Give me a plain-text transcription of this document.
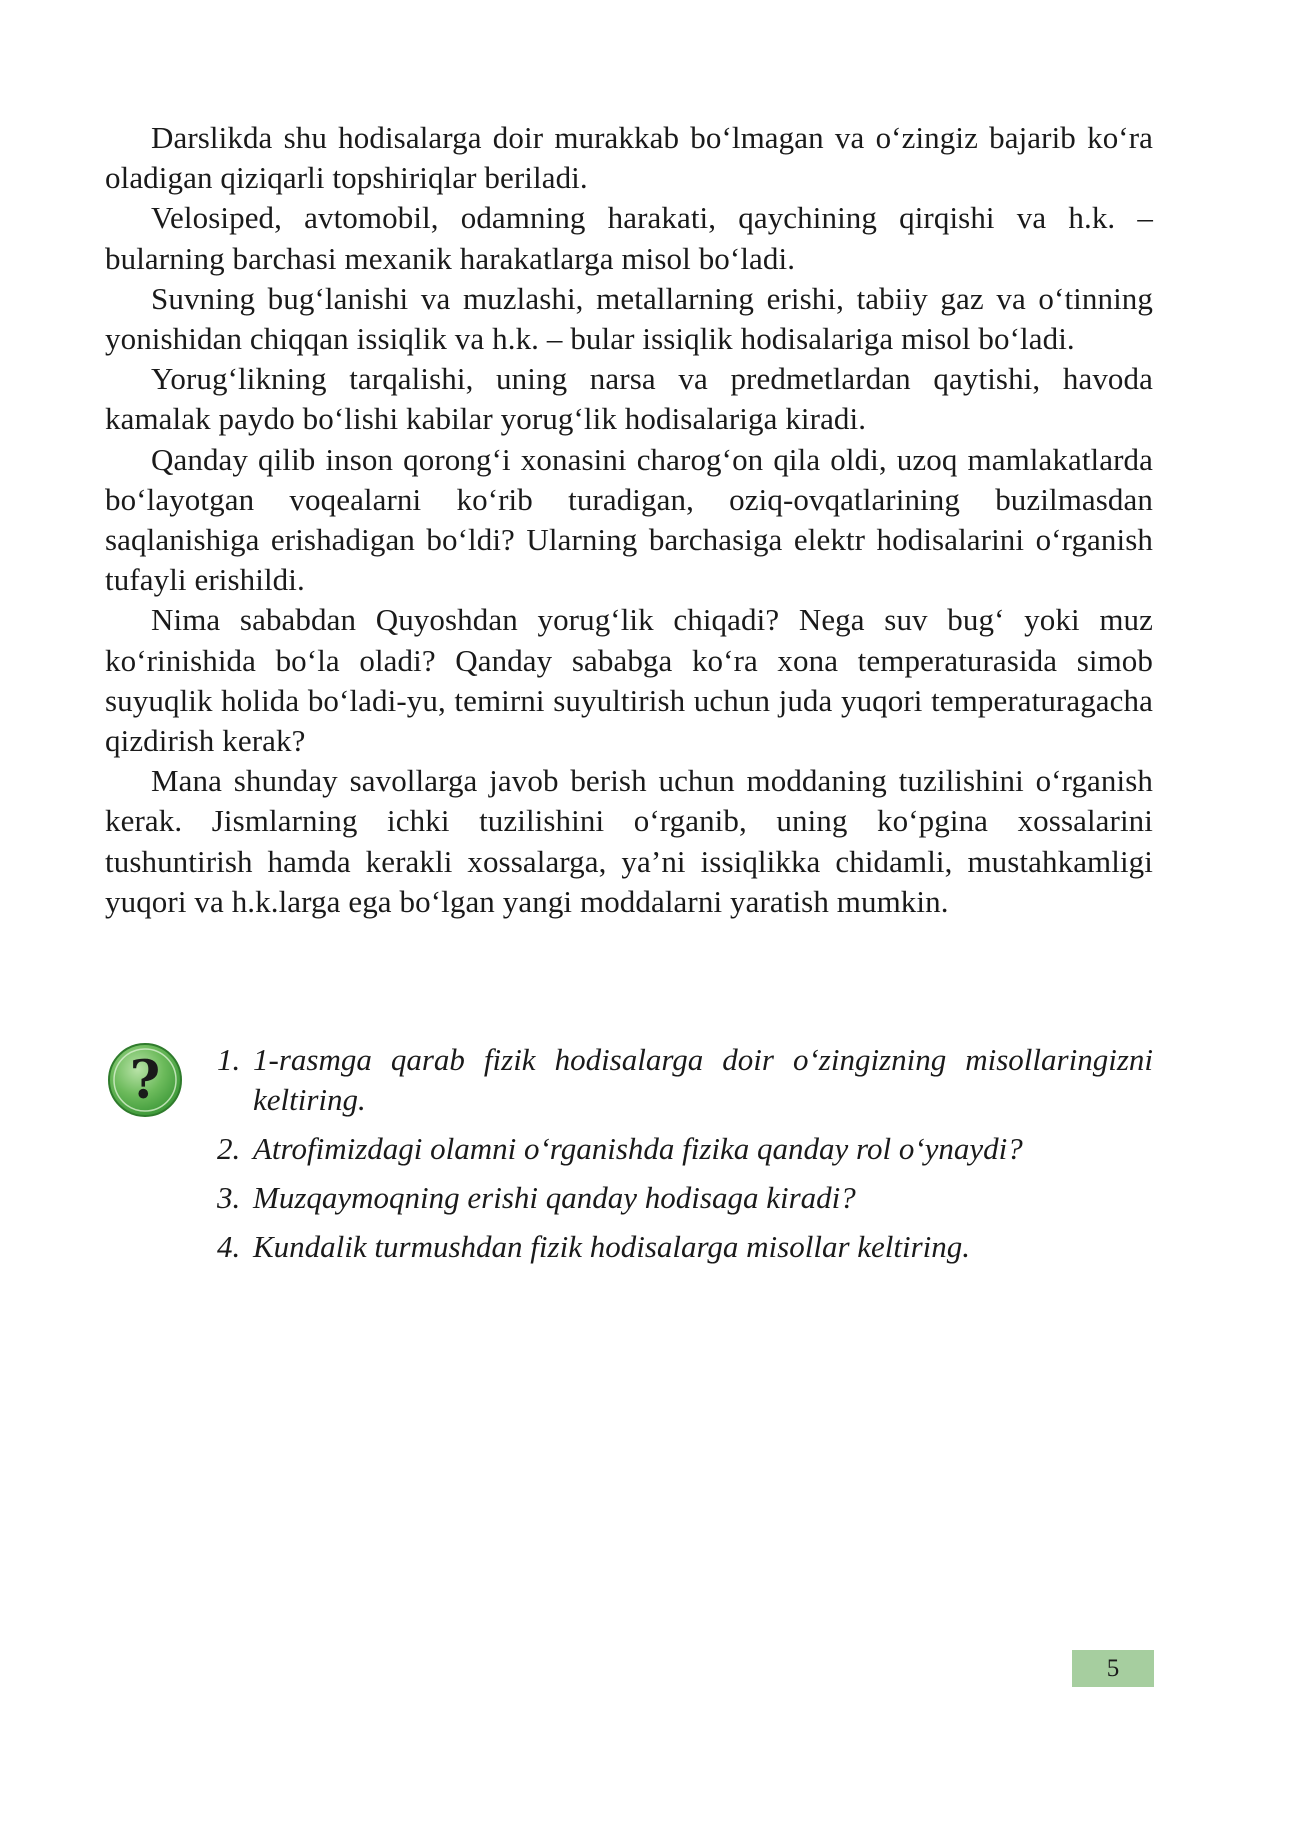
Darslikda shu hodisalarga doir murakkab bo‘lmagan va o‘zingiz bajarib ko‘ra oladigan qiziqarli topshiriqlar beriladi.

Velosiped, avtomobil, odamning harakati, qaychining qirqishi va h.k. – bularning barchasi mexanik harakatlarga misol bo‘ladi.

Suvning bug‘lanishi va muzlashi, metallarning erishi, tabiiy gaz va o‘tinning yonishidan chiqqan issiqlik va h.k. – bular issiqlik hodisalariga misol bo‘ladi.

Yorug‘likning tarqalishi, uning narsa va predmetlardan qaytishi, havoda kamalak paydo bo‘lishi kabilar yorug‘lik hodisalariga kiradi.

Qanday qilib inson qorong‘i xonasini charog‘on qila oldi, uzoq mamlakatlarda bo‘layotgan voqealarni ko‘rib turadigan, oziq-ovqatlarining buzilmasdan saqlanishiga erishadigan bo‘ldi? Ularning barchasiga elektr hodisalarini o‘rganish tufayli erishildi.

Nima sababdan Quyoshdan yorug‘lik chiqadi? Nega suv bug‘ yoki muz ko‘rinishida bo‘la oladi? Qanday sababga ko‘ra xona temperaturasida simob suyuqlik holida bo‘ladi-yu, temirni suyultirish uchun juda yuqori temperaturagacha qizdirish kerak?

Mana shunday savollarga javob berish uchun moddaning tuzilishini o‘rganish kerak. Jismlarning ichki tuzilishini o‘rganib, uning ko‘pgina xossalarini tushuntirish hamda kerakli xossalarga, ya’ni issiqlikka chidamli, mustahkamligi yuqori va h.k.larga ega bo‘lgan yangi moddalarni yaratish mumkin.

? 1. 1-rasmga qarab fizik hodisalarga doir o‘zingizning misollaringizni keltiring.
2. Atrofimizdagi olamni o‘rganishda fizika qanday rol o‘ynaydi?
3. Muzqaymoqning erishi qanday hodisaga kiradi?
4. Kundalik turmushdan fizik hodisalarga misollar keltiring.
5
